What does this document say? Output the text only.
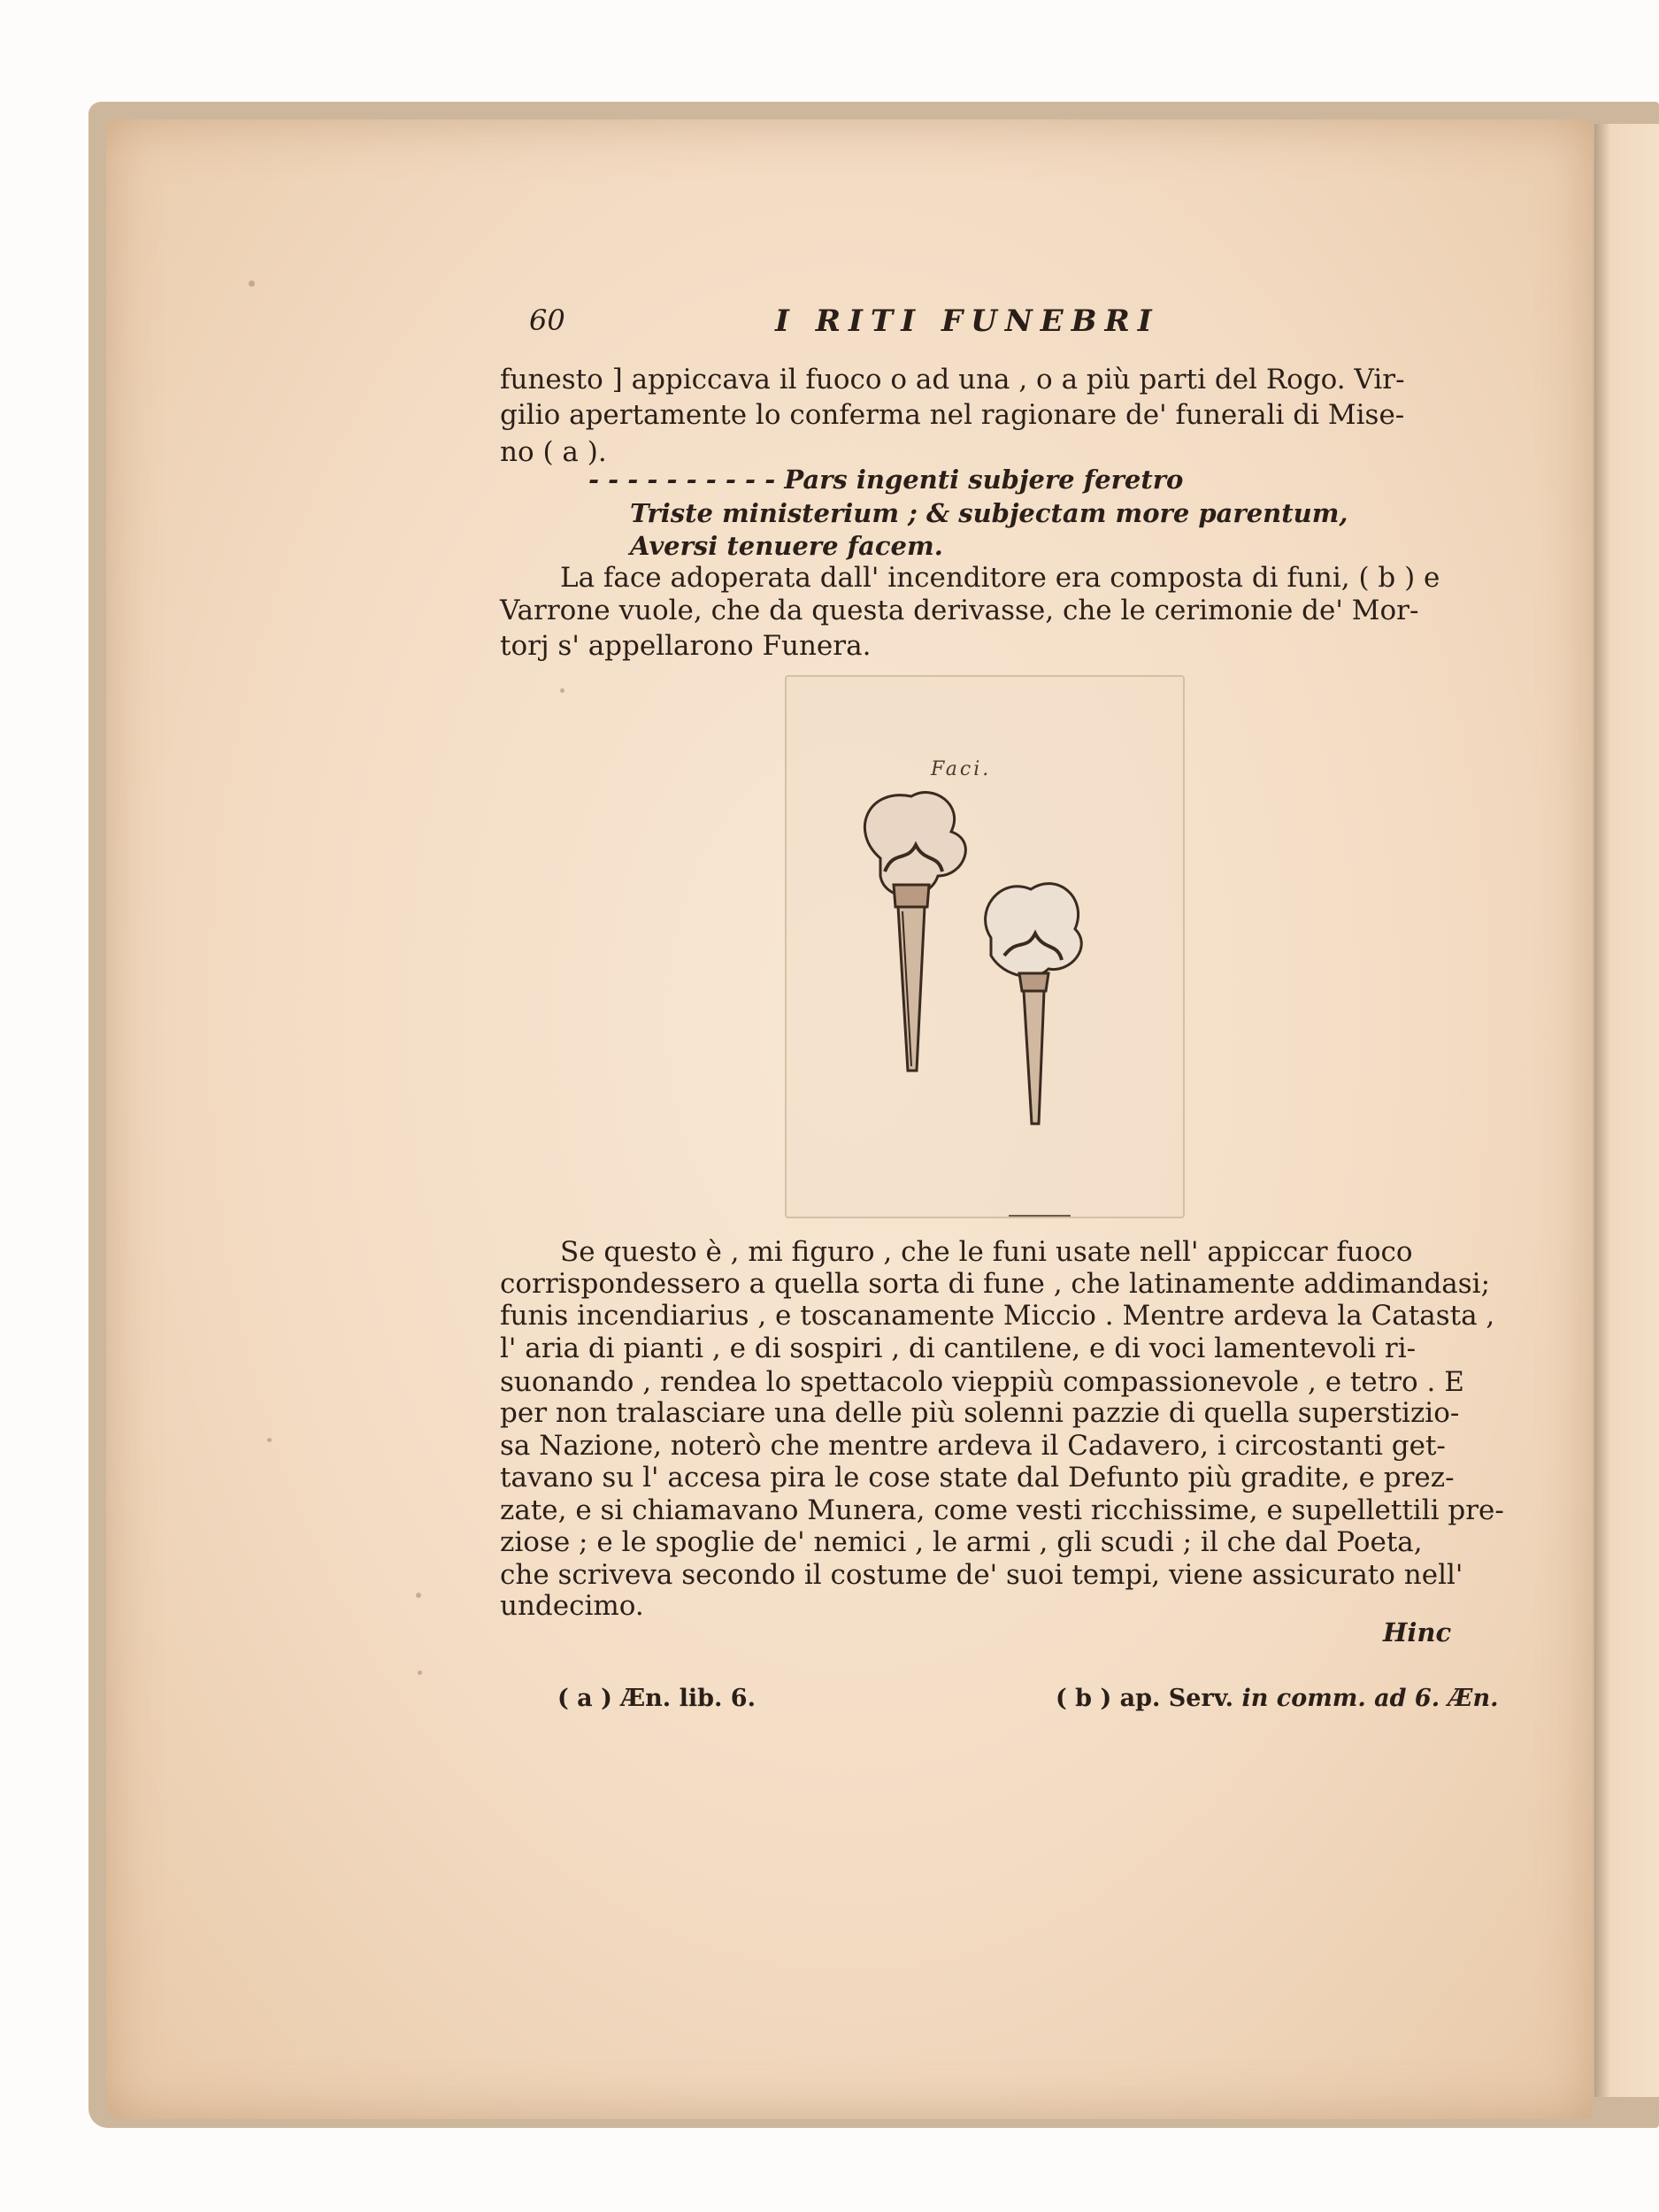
60	I RITI FUNEBRI
funesto ] appiccava il fuoco o ad una , o a più parti del Rogo. Vir-
gilio apertamente lo conferma nel ragionare de' funerali di Mise-
no ( a ).
- - - - - - - - - - Pars ingenti subjere feretro
Triste ministerium ; & subjectam more parentum,
Aversi tenuere facem.
La face adoperata dall' incenditore era composta di funi, ( b ) e
Varrone vuole, che da questa derivasse, che le cerimonie de' Mor-
torj s' appellarono Funera.
Faci.
Se questo è , mi figuro , che le funi usate nell' appiccar fuoco
corrispondessero a quella sorta di fune , che latinamente addimandasi;
funis incendiarius , e toscanamente Miccio . Mentre ardeva la Catasta ,
l' aria di pianti , e di sospiri , di cantilene, e di voci lamentevoli ri-
suonando , rendea lo spettacolo vieppiù compassionevole , e tetro . E
per non tralasciare una delle più solenni pazzie di quella superstizio-
sa Nazione, noterò che mentre ardeva il Cadavero, i circostanti get-
tavano su l' accesa pira le cose state dal Defunto più gradite, e prez-
zate, e si chiamavano Munera, come vesti ricchissime, e supellettili pre-
ziose ; e le spoglie de' nemici , le armi , gli scudi ; il che dal Poeta,
che scriveva secondo il costume de' suoi tempi, viene assicurato nell'
undecimo.
Hinc
( a ) Æn. lib. 6.	( b ) ap. Serv. in comm. ad 6. Æn.
